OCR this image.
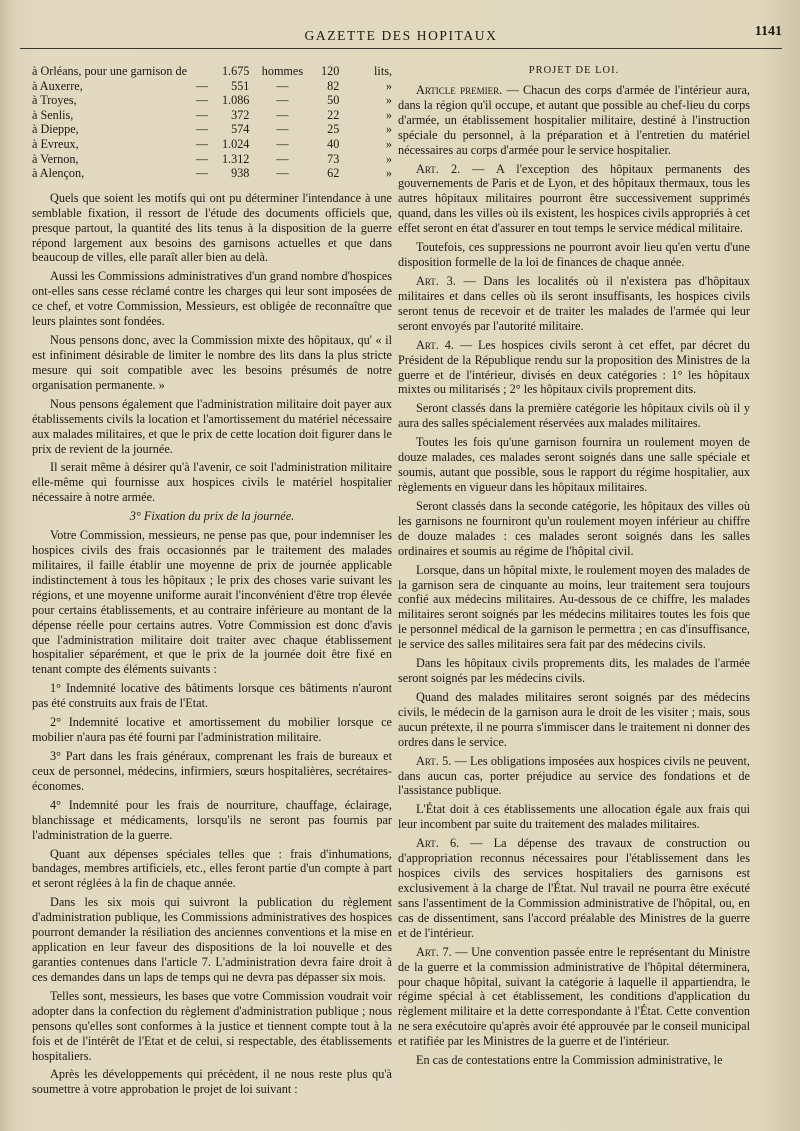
GAZETTE DES HOPITAUX	1141
à Orléans, pour une garnison de		1.675	hommes	120	lits,
à Auxerre,	—	551	—	82	»
à Troyes,	—	1.086	—	50	»
à Senlis,	—	372	—	22	»
à Dieppe,	—	574	—	25	»
à Evreux,	—	1.024	—	40	»
à Vernon,	—	1.312	—	73	»
à Alençon,	—	938	—	62	»

Quels que soient les motifs qui ont pu déterminer l'intendance à une semblable fixation, il ressort de l'étude des documents officiels que, presque partout, la quantité des lits tenus à la disposition de la guerre répond largement aux besoins des garnisons actuelles et que dans beaucoup de villes, elle paraît aller bien au delà.

Aussi les Commissions administratives d'un grand nombre d'hospices ont-elles sans cesse réclamé contre les charges qui leur sont imposées de ce chef, et votre Commission, Messieurs, est obligée de reconnaître que leurs plaintes sont fondées.

Nous pensons donc, avec la Commission mixte des hôpitaux, qu' « il est infiniment désirable de limiter le nombre des lits dans la plus stricte mesure qui soit compatible avec les besoins présumés de notre organisation permanente. »

Nous pensons également que l'administration militaire doit payer aux établissements civils la location et l'amortissement du matériel nécessaire aux malades militaires, et que le prix de cette location doit figurer dans le prix de revient de la journée.

Il serait même à désirer qu'à l'avenir, ce soit l'administration militaire elle-même qui fournisse aux hospices civils le matériel hospitalier nécessaire à notre armée.

3° Fixation du prix de la journée.

Votre Commission, messieurs, ne pense pas que, pour indemniser les hospices civils des frais occasionnés par le traitement des malades militaires, il faille établir une moyenne de prix de journée applicable indistinctement à tous les hôpitaux ; le prix des choses varie suivant les régions, et une moyenne uniforme aurait l'inconvénient d'être trop élevée pour certains établissements, et au contraire inférieure au montant de la dépense réelle pour certains autres. Votre Commission est donc d'avis que l'administration militaire doit traiter avec chaque établissement hospitalier séparément, et que le prix de la journée doit être fixé en tenant compte des éléments suivants :

1° Indemnité locative des bâtiments lorsque ces bâtiments n'auront pas été construits aux frais de l'Etat.

2° Indemnité locative et amortissement du mobilier lorsque ce mobilier n'aura pas été fourni par l'administration militaire.

3° Part dans les frais généraux, comprenant les frais de bureaux et ceux de personnel, médecins, infirmiers, sœurs hospitalières, secrétaires-économes.

4° Indemnité pour les frais de nourriture, chauffage, éclairage, blanchissage et médicaments, lorsqu'ils ne seront pas fournis par l'administration de la guerre.

Quant aux dépenses spéciales telles que : frais d'inhumations, bandages, membres artificiels, etc., elles feront partie d'un compte à part et seront réglées à la fin de chaque année.

Dans les six mois qui suivront la publication du règlement d'administration publique, les Commissions administratives des hospices pourront demander la résiliation des anciennes conventions et la mise en application en leur faveur des dispositions de la loi nouvelle et des garanties contenues dans l'article 7. L'administration devra faire droit à ces demandes dans un laps de temps qui ne devra pas dépasser six mois.

Telles sont, messieurs, les bases que votre Commission voudrait voir adopter dans la confection du règlement d'administration publique ; nous pensons qu'elles sont conformes à la justice et tiennent compte tout à la fois et de l'intérêt de l'Etat et de celui, si respectable, des établissements hospitaliers.

Après les développements qui précèdent, il ne nous reste plus qu'à soumettre à votre approbation le projet de loi suivant :

PROJET DE LOI.

Article premier. — Chacun des corps d'armée de l'intérieur aura, dans la région qu'il occupe, et autant que possible au chef-lieu du corps d'armée, un établissement hospitalier militaire, destiné à l'instruction spéciale du personnel, à la préparation et à l'entretien du matériel nécessaires au corps d'armée pour le service hospitalier.

Art. 2. — A l'exception des hôpitaux permanents des gouvernements de Paris et de Lyon, et des hôpitaux thermaux, tous les autres hôpitaux militaires pourront être successivement supprimés quand, dans les villes où ils existent, les hospices civils appropriés à cet effet seront en état d'assurer en tout temps le service médical militaire.

Toutefois, ces suppressions ne pourront avoir lieu qu'en vertu d'une disposition formelle de la loi de finances de chaque année.

Art. 3. — Dans les localités où il n'existera pas d'hôpitaux militaires et dans celles où ils seront insuffisants, les hospices civils seront tenus de recevoir et de traiter les malades de l'armée qui leur seront envoyés par l'autorité militaire.

Art. 4. — Les hospices civils seront à cet effet, par décret du Président de la République rendu sur la proposition des Ministres de la guerre et de l'intérieur, divisés en deux catégories : 1° les hôpitaux mixtes ou militarisés ; 2° les hôpitaux civils proprement dits.

Seront classés dans la première catégorie les hôpitaux civils où il y aura des salles spécialement réservées aux malades militaires.

Toutes les fois qu'une garnison fournira un roulement moyen de douze malades, ces malades seront soignés dans une salle spéciale et soumis, autant que possible, sous le rapport du régime hospitalier, aux règlements en vigueur dans les hôpitaux militaires.

Seront classés dans la seconde catégorie, les hôpitaux des villes où les garnisons ne fourniront qu'un roulement moyen inférieur au chiffre de douze malades : ces malades seront soignés dans les salles ordinaires et soumis au régime de l'hôpital civil.

Lorsque, dans un hôpital mixte, le roulement moyen des malades de la garnison sera de cinquante au moins, leur traitement sera toujours confié aux médecins militaires. Au-dessous de ce chiffre, les malades militaires seront soignés par les médecins militaires toutes les fois que le personnel médical de la garnison le permettra ; en cas d'insuffisance, le service des salles militaires sera fait par des médecins civils.

Dans les hôpitaux civils proprements dits, les malades de l'armée seront soignés par les médecins civils.

Quand des malades militaires seront soignés par des médecins civils, le médecin de la garnison aura le droit de les visiter ; mais, sous aucun prétexte, il ne pourra s'immiscer dans le traitement ni donner des ordres dans le service.

Art. 5. — Les obligations imposées aux hospices civils ne peuvent, dans aucun cas, porter préjudice au service des fondations et de l'assistance publique.

L'État doit à ces établissements une allocation égale aux frais qui leur incombent par suite du traitement des malades militaires.

Art. 6. — La dépense des travaux de construction ou d'appropriation reconnus nécessaires pour l'établissement dans les hospices civils des services hospitaliers des garnisons est exclusivement à la charge de l'État. Nul travail ne pourra être exécuté sans l'assentiment de la Commission administrative de l'hôpital, ou, en cas de dissentiment, sans l'accord préalable des Ministres de la guerre et de l'intérieur.

Art. 7. — Une convention passée entre le représentant du Ministre de la guerre et la commission administrative de l'hôpital déterminera, pour chaque hôpital, suivant la catégorie à laquelle il appartiendra, le régime spécial à cet établissement, les conditions d'application du règlement militaire et la dette correspondante à l'État. Cette convention ne sera exécutoire qu'après avoir été approuvée par le conseil municipal et ratifiée par les Ministres de la guerre et de l'intérieur.

En cas de contestations entre la Commission administrative, le
